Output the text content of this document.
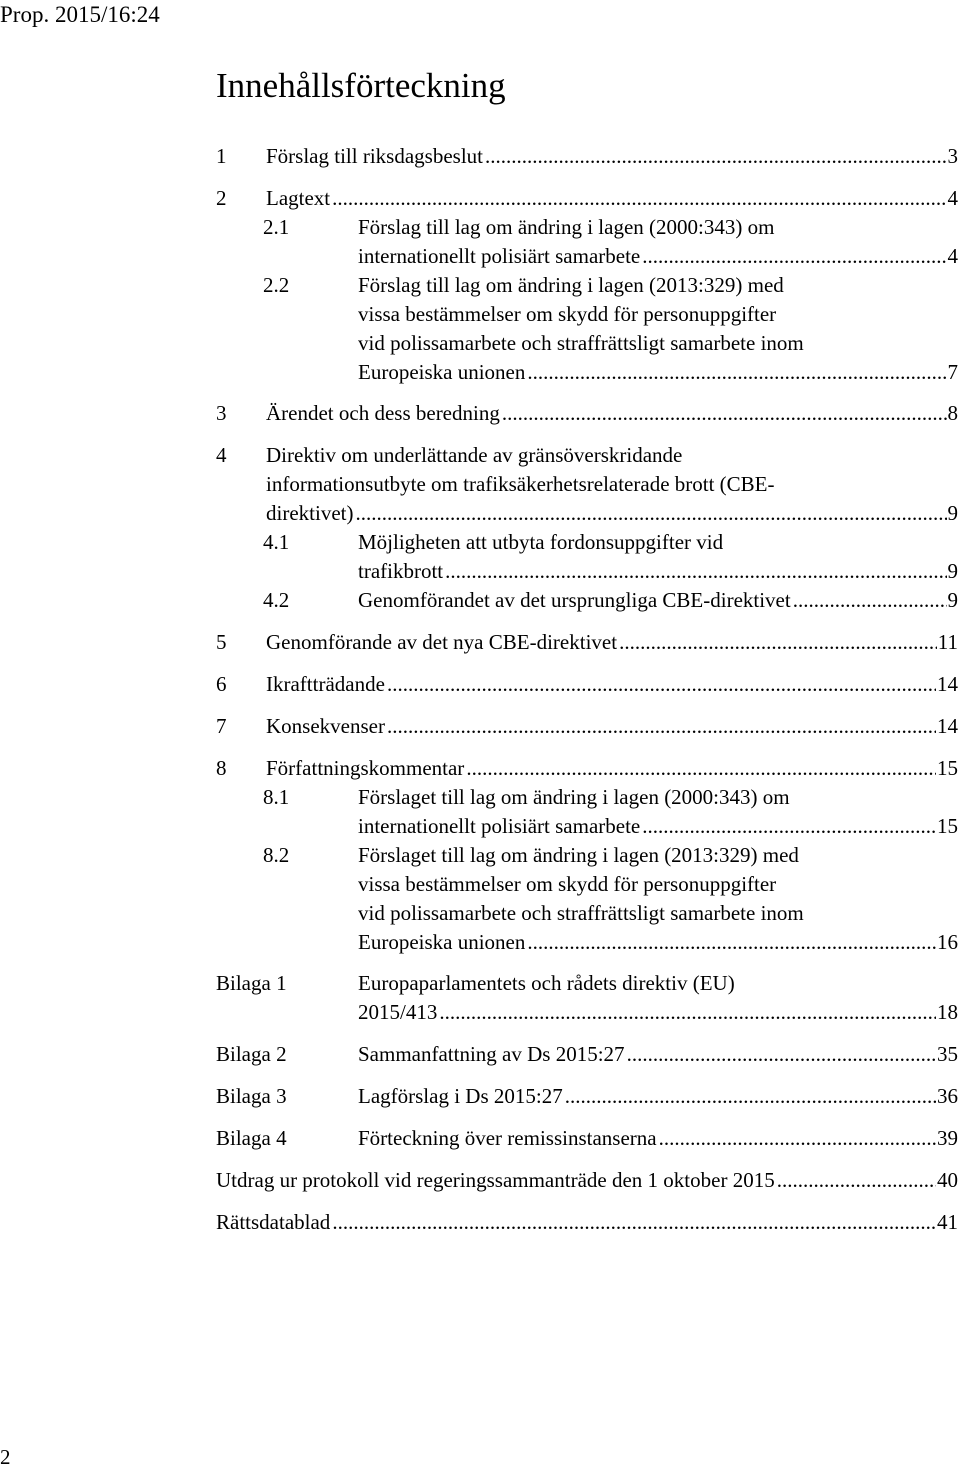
Prop. 2015/16:24
Innehållsförteckning
1 Förslag till riksdagsbeslut .....	3
2 Lagtext .....	4
2.1	Förslag till lag om ändring i lagen (2000:343) om
internationellt polisiärt samarbete .....	4
2.2	Förslag till lag om ändring i lagen (2013:329) med
vissa bestämmelser om skydd för personuppgifter
vid polissamarbete och straffrättsligt samarbete inom
Europeiska unionen .....	7
3 Ärendet och dess beredning .....	8
4 Direktiv om underlättande av gränsöverskridande
informationsutbyte om trafiksäkerhetsrelaterade brott (CBE-
direktivet) .....	9
4.1	Möjligheten att utbyta fordonsuppgifter vid
trafikbrott .....	9
4.2	Genomförandet av det ursprungliga CBE-direktivet .....	9
5 Genomförande av det nya CBE-direktivet .....	11
6 Ikraftträdande .....	14
7 Konsekvenser .....	14
8 Författningskommentar .....	15
8.1	Förslaget till lag om ändring i lagen (2000:343) om
internationellt polisiärt samarbete .....	15
8.2	Förslaget till lag om ändring i lagen (2013:329) med
vissa bestämmelser om skydd för personuppgifter
vid polissamarbete och straffrättsligt samarbete inom
Europeiska unionen .....	16
Bilaga 1	Europaparlamentets och rådets direktiv (EU)
2015/413 .....	18
Bilaga 2	Sammanfattning av Ds 2015:27 .....	35
Bilaga 3	Lagförslag i Ds 2015:27 .....	36
Bilaga 4	Förteckning över remissinstanserna .....	39
Utdrag ur protokoll vid regeringssammanträde den 1 oktober 2015 .....	40
Rättsdatablad .....	41
2
